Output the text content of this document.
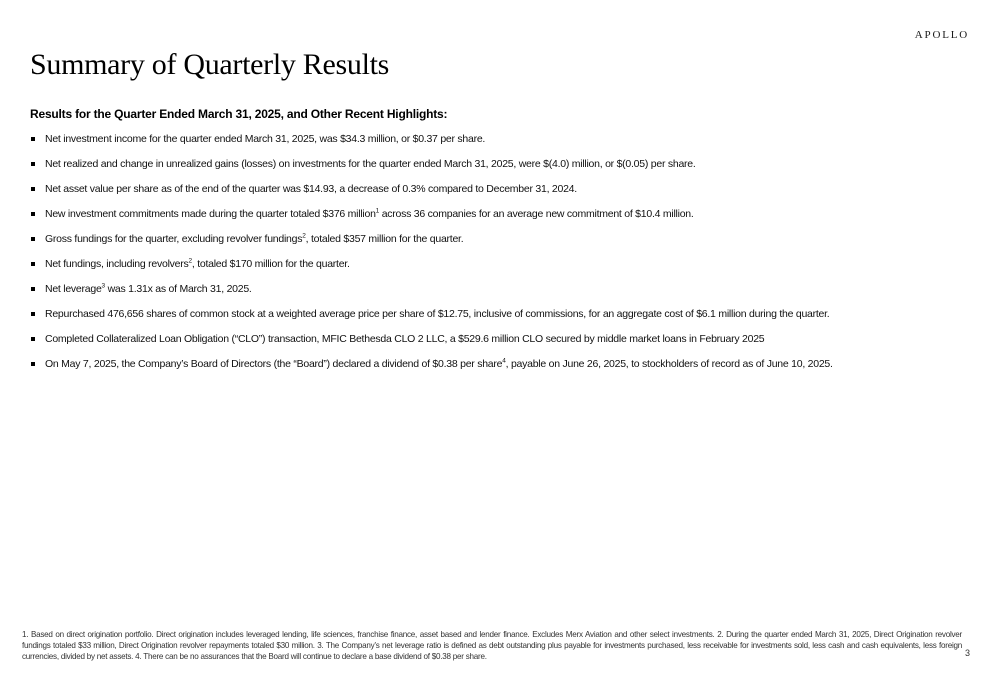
APOLLO
Summary of Quarterly Results
Results for the Quarter Ended March 31, 2025, and Other Recent Highlights:
Net investment income for the quarter ended March 31, 2025, was $34.3 million, or $0.37 per share.
Net realized and change in unrealized gains (losses) on investments for the quarter ended March 31, 2025, were $(4.0) million, or $(0.05) per share.
Net asset value per share as of the end of the quarter was $14.93, a decrease of 0.3% compared to December 31, 2024.
New investment commitments made during the quarter totaled $376 million$^1$ across 36 companies for an average new commitment of $10.4 million.
Gross fundings for the quarter, excluding revolver fundings$^2$, totaled $357 million for the quarter.
Net fundings, including revolvers$^2$, totaled $170 million for the quarter.
Net leverage$^3$ was 1.31x as of March 31, 2025.
Repurchased 476,656 shares of common stock at a weighted average price per share of $12.75, inclusive of commissions, for an aggregate cost of $6.1 million during the quarter.
Completed Collateralized Loan Obligation (“CLO”) transaction, MFIC Bethesda CLO 2 LLC, a $529.6 million CLO secured by middle market loans in February 2025
On May 7, 2025, the Company’s Board of Directors (the “Board”) declared a dividend of $0.38 per share$^4$, payable on June 26, 2025, to stockholders of record as of June 10, 2025.

1. Based on direct origination portfolio. Direct origination includes leveraged lending, life sciences, franchise finance, asset based and lender finance. Excludes Merx Aviation and other select investments. 2. During the quarter ended March 31, 2025, Direct Origination revolver fundings totaled $33 million, Direct Origination revolver repayments totaled $30 million. 3. The Company’s net leverage ratio is defined as debt outstanding plus payable for investments purchased, less receivable for investments sold, less cash and cash equivalents, less foreign currencies, divided by net assets. 4. There can be no assurances that the Board will continue to declare a base dividend of $0.38 per share.	3
